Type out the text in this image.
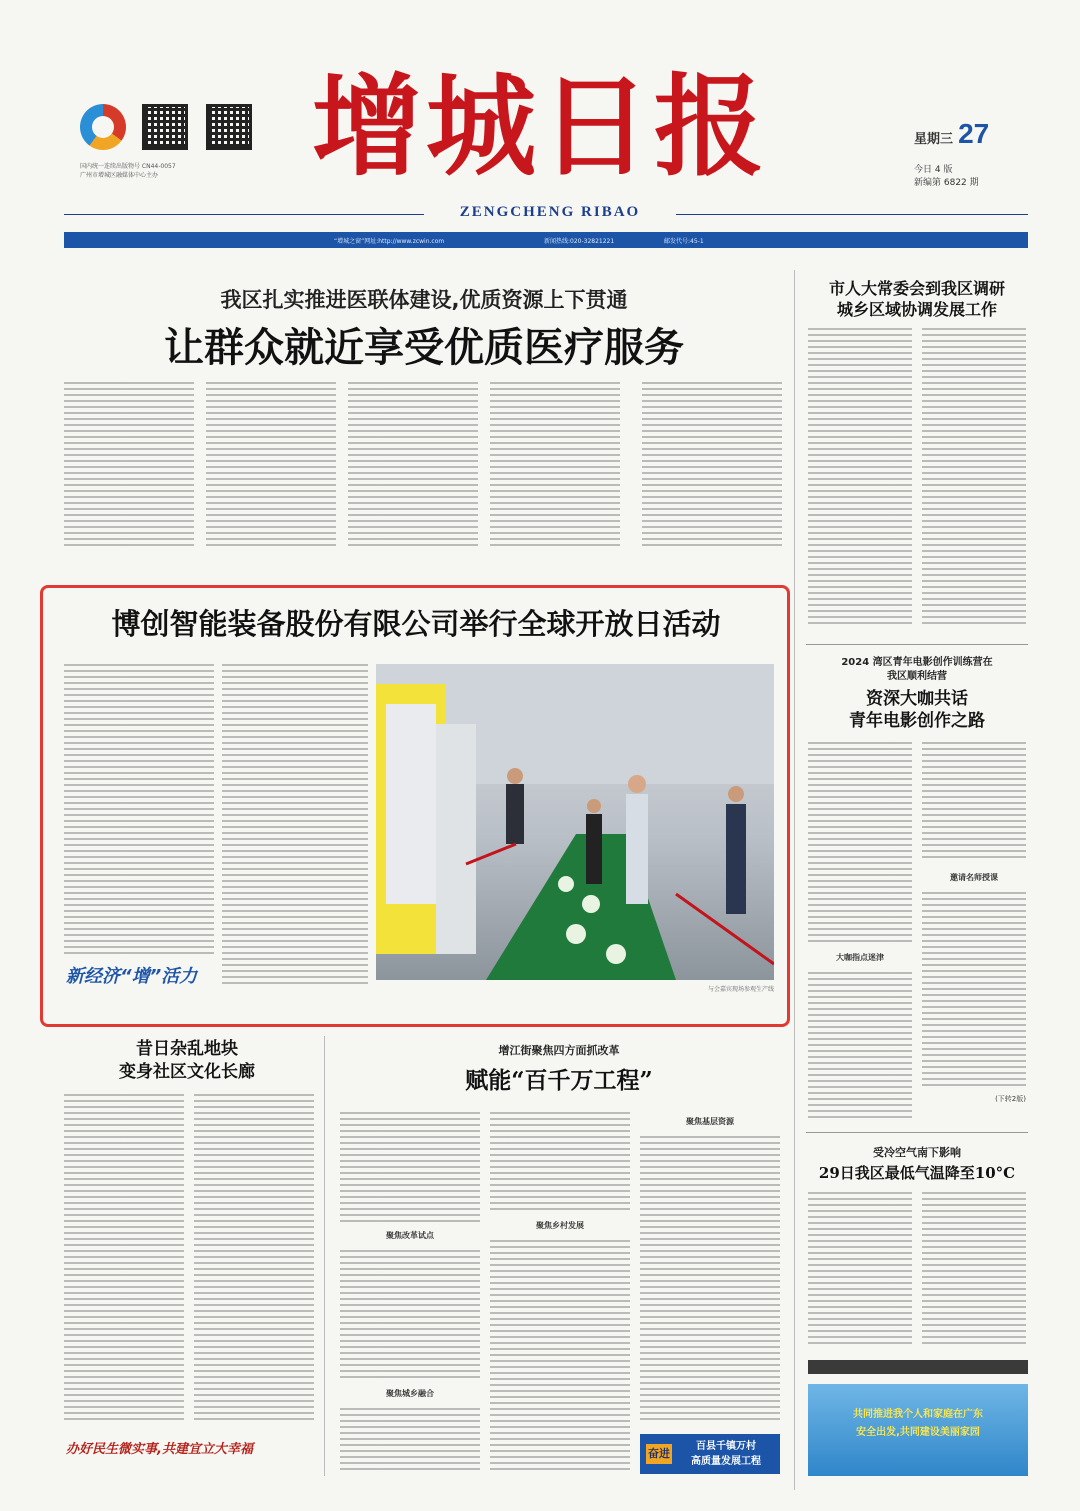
国内统一连续出版物号 CN44-0057
广州市增城区融媒体中心主办	增城日报
ZENGCHENG RIBAO
星期三 27
今日 4 版
新编第 6822 期
“增城之窗”网址:http://www.zcwin.com	新闻热线:020-32821221	邮发代号:45-1
我区扎实推进医联体建设,优质资源上下贯通
让群众就近享受优质医疗服务
市人大常委会到我区调研
城乡区域协调发展工作
博创智能装备股份有限公司举行全球开放日活动
与会嘉宾现场参观生产线
新经济“增”活力
2024 湾区青年电影创作训练营在
我区顺利结营
资深大咖共话
青年电影创作之路
邀请名师授课
大咖指点迷津
(下转2版)
昔日杂乱地块
变身社区文化长廊
办好民生微实事,共建宜立大幸福
增江街聚焦四方面抓改革
赋能“百千万工程”
聚焦改革试点
聚焦城乡融合
聚焦乡村发展
聚焦基层资源
奋进
百县千镇万村
高质量发展工程
受冷空气南下影响
29日我区最低气温降至10°C
共同推进我个人和家庭在广东
安全出发,共同建设美丽家园
